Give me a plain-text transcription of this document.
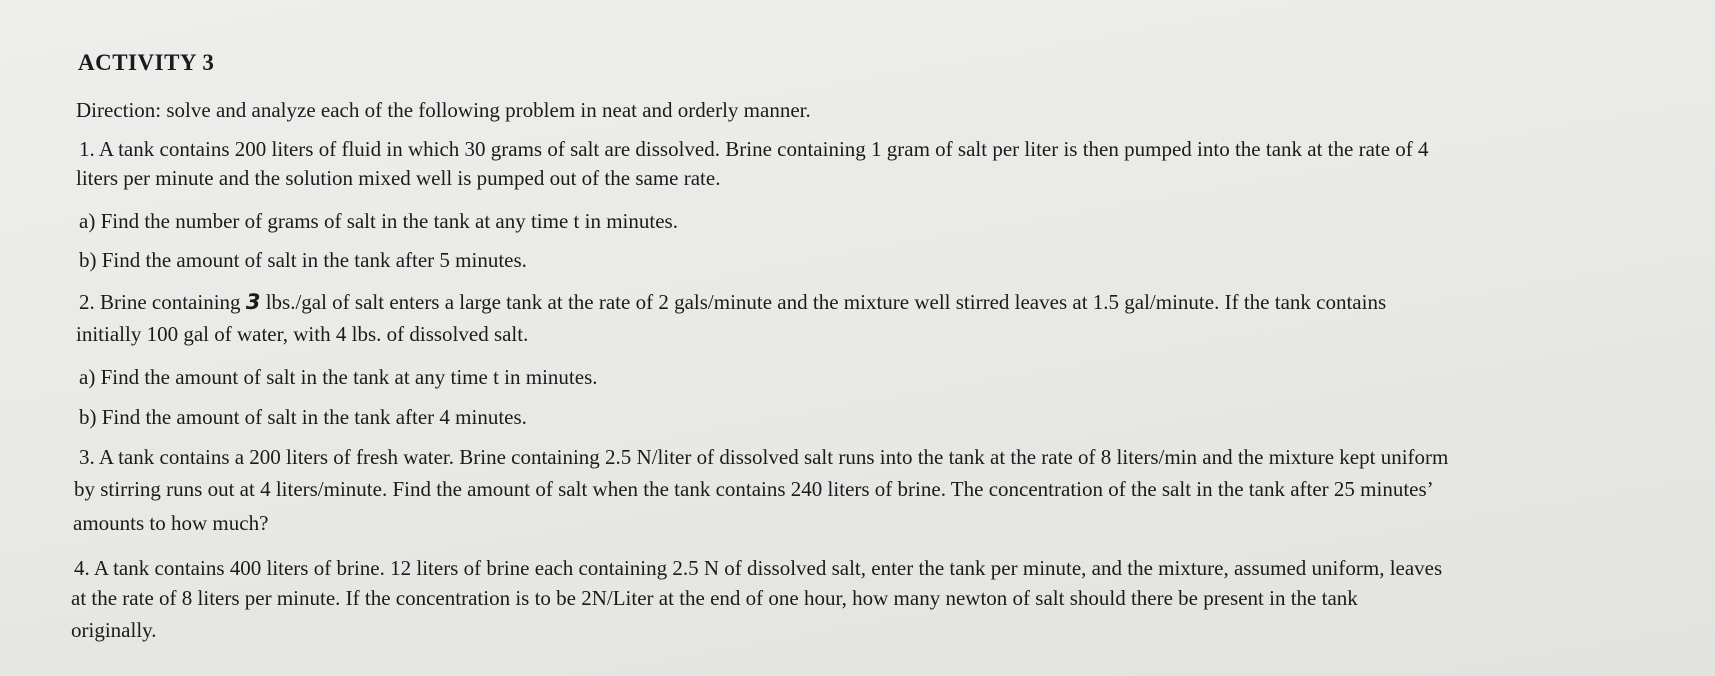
ACTIVITY 3

Direction: solve and analyze each of the following problem in neat and orderly manner.

1. A tank contains 200 liters of fluid in which 30 grams of salt are dissolved. Brine containing 1 gram of salt per liter is then pumped into the tank at the rate of 4

liters per minute and the solution mixed well is pumped out of the same rate.

a) Find the number of grams of salt in the tank at any time t in minutes.

b) Find the amount of salt in the tank after 5 minutes.

2. Brine containing 3 lbs./gal of salt enters a large tank at the rate of 2 gals/minute and the mixture well stirred leaves at 1.5 gal/minute. If the tank contains

initially 100 gal of water, with 4 lbs. of dissolved salt.

a) Find the amount of salt in the tank at any time t in minutes.

b) Find the amount of salt in the tank after 4 minutes.

3. A tank contains a 200 liters of fresh water. Brine containing 2.5 N/liter of dissolved salt runs into the tank at the rate of 8 liters/min and the mixture kept uniform

by stirring runs out at 4 liters/minute. Find the amount of salt when the tank contains 240 liters of brine. The concentration of the salt in the tank after 25 minutes’

amounts to how much?

4. A tank contains 400 liters of brine. 12 liters of brine each containing 2.5 N of dissolved salt, enter the tank per minute, and the mixture, assumed uniform, leaves

at the rate of 8 liters per minute. If the concentration is to be 2N/Liter at the end of one hour, how many newton of salt should there be present in the tank

originally.
